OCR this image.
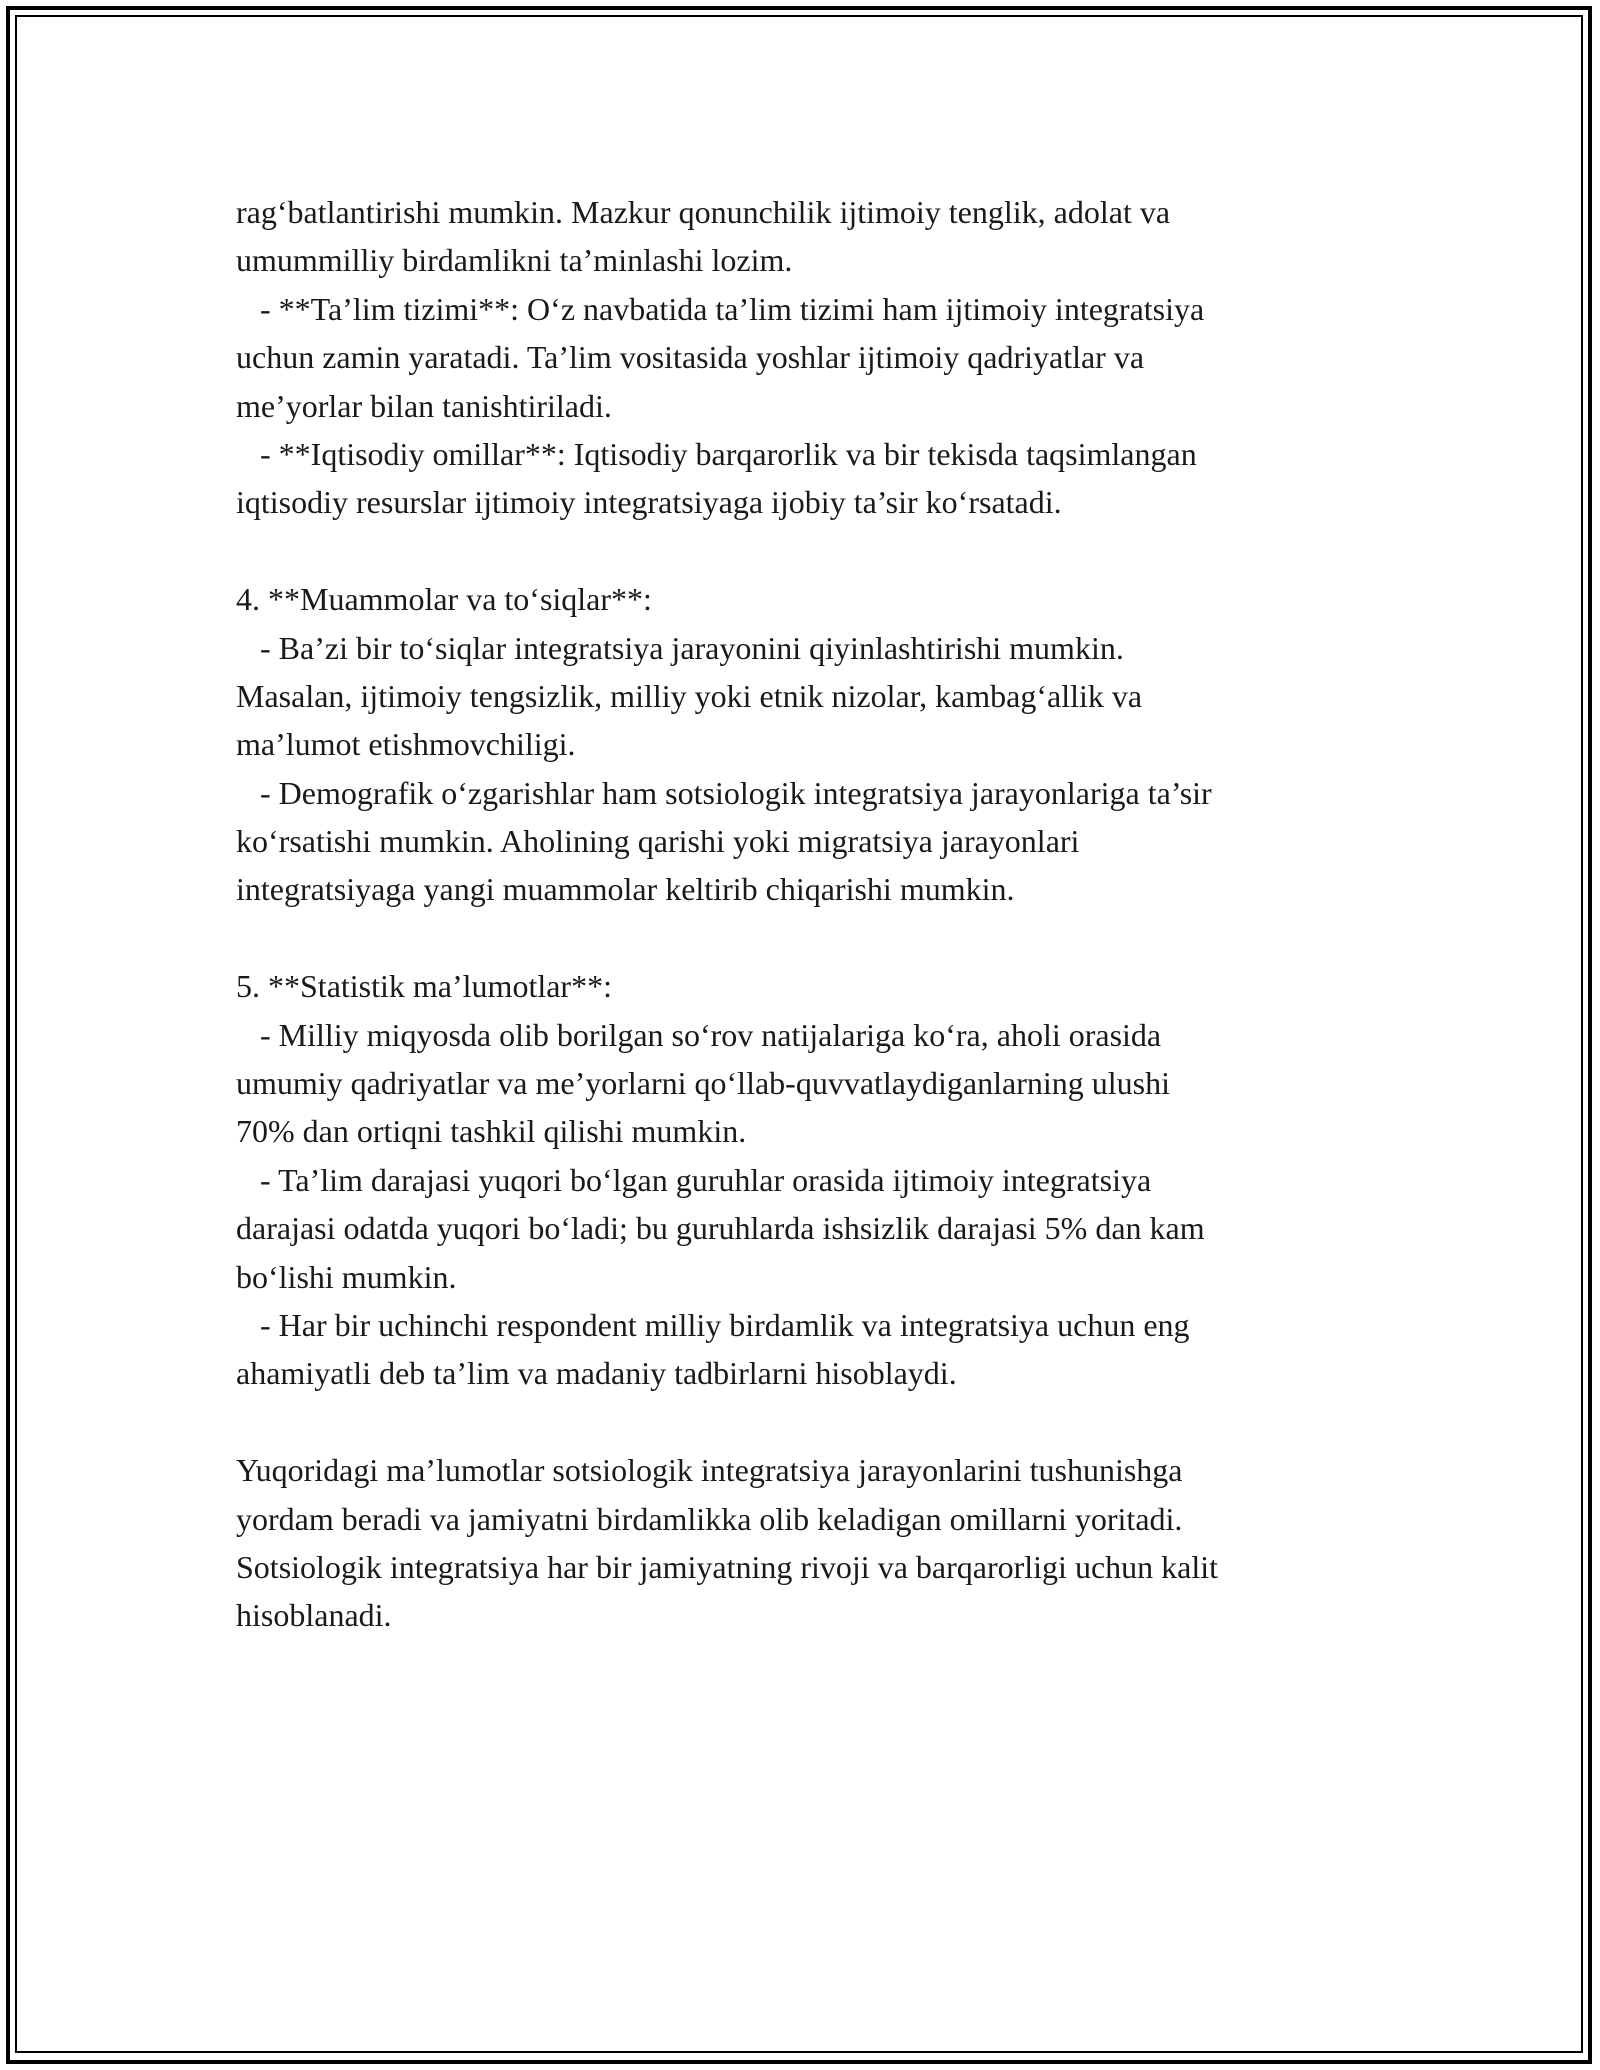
rag‘batlantirishi mumkin. Mazkur qonunchilik ijtimoiy tenglik, adolat va
umummilliy birdamlikni ta’minlashi lozim.
- **Ta’lim tizimi**: O‘z navbatida ta’lim tizimi ham ijtimoiy integratsiya
uchun zamin yaratadi. Ta’lim vositasida yoshlar ijtimoiy qadriyatlar va
me’yorlar bilan tanishtiriladi.
- **Iqtisodiy omillar**: Iqtisodiy barqarorlik va bir tekisda taqsimlangan
iqtisodiy resurslar ijtimoiy integratsiyaga ijobiy ta’sir ko‘rsatadi.
4. **Muammolar va to‘siqlar**:
- Ba’zi bir to‘siqlar integratsiya jarayonini qiyinlashtirishi mumkin.
Masalan, ijtimoiy tengsizlik, milliy yoki etnik nizolar, kambag‘allik va
ma’lumot etishmovchiligi.
- Demografik o‘zgarishlar ham sotsiologik integratsiya jarayonlariga ta’sir
ko‘rsatishi mumkin. Aholining qarishi yoki migratsiya jarayonlari
integratsiyaga yangi muammolar keltirib chiqarishi mumkin.
5. **Statistik ma’lumotlar**:
- Milliy miqyosda olib borilgan so‘rov natijalariga ko‘ra, aholi orasida
umumiy qadriyatlar va me’yorlarni qo‘llab-quvvatlaydiganlarning ulushi
70% dan ortiqni tashkil qilishi mumkin.
- Ta’lim darajasi yuqori bo‘lgan guruhlar orasida ijtimoiy integratsiya
darajasi odatda yuqori bo‘ladi; bu guruhlarda ishsizlik darajasi 5% dan kam
bo‘lishi mumkin.
- Har bir uchinchi respondent milliy birdamlik va integratsiya uchun eng
ahamiyatli deb ta’lim va madaniy tadbirlarni hisoblaydi.
Yuqoridagi ma’lumotlar sotsiologik integratsiya jarayonlarini tushunishga
yordam beradi va jamiyatni birdamlikka olib keladigan omillarni yoritadi.
Sotsiologik integratsiya har bir jamiyatning rivoji va barqarorligi uchun kalit
hisoblanadi.
